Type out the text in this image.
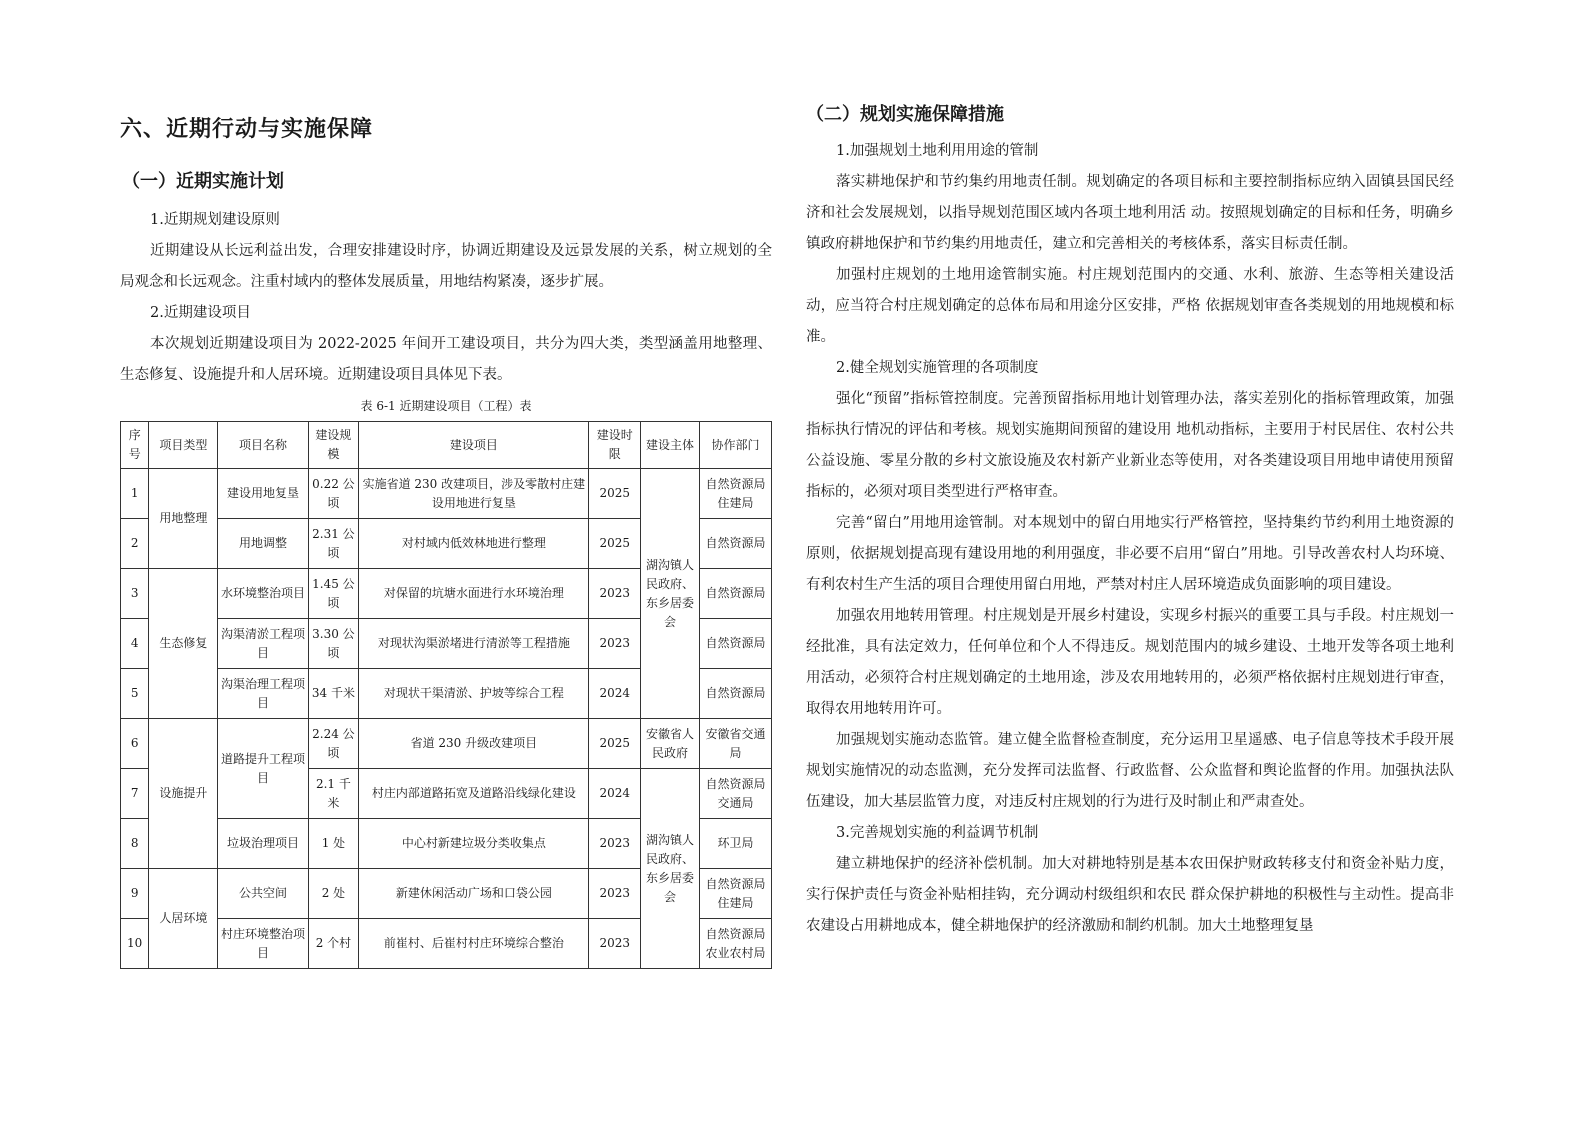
六、近期行动与实施保障
（一）近期实施计划

1.近期规划建设原则

近期建设从长远利益出发，合理安排建设时序，协调近期建设及远景发展的关系，树立规划的全局观念和长远观念。注重村域内的整体发展质量，用地结构紧凑，逐步扩展。

2.近期建设项目

本次规划近期建设项目为 2022-2025 年间开工建设项目，共分为四大类，类型涵盖用地整理、生态修复、设施提升和人居环境。近期建设项目具体见下表。

表 6-1 近期建设项目（工程）表
序号	项目类型	项目名称	建设规模	建设项目	建设时限	建设主体	协作部门
1	用地整理	建设用地复垦	0.22 公顷	实施省道 230 改建项目，涉及零散村庄建设用地进行复垦	2025	湖沟镇人民政府、东乡居委会	自然资源局住建局
2		用地调整	2.31 公顷	对村域内低效林地进行整理	2025		自然资源局
3	生态修复	水环境整治项目	1.45 公顷	对保留的坑塘水面进行水环境治理	2023		自然资源局
4		沟渠清淤工程项目	3.30 公顷	对现状沟渠淤堵进行清淤等工程措施	2023		自然资源局
5		沟渠治理工程项目	34 千米	对现状干渠清淤、护坡等综合工程	2024		自然资源局
6	设施提升	道路提升工程项目	2.24 公顷	省道 230 升级改建项目	2025	安徽省人民政府	安徽省交通局
7			2.1 千米	村庄内部道路拓宽及道路沿线绿化建设	2024	湖沟镇人民政府、东乡居委会	自然资源局交通局
8		垃圾治理项目	1 处	中心村新建垃圾分类收集点	2023		环卫局
9	人居环境	公共空间	2 处	新建休闲活动广场和口袋公园	2023		自然资源局住建局
10		村庄环境整治项目	2 个村	前崔村、后崔村村庄环境综合整治	2023		自然资源局农业农村局
（二）规划实施保障措施

1.加强规划土地利用用途的管制

落实耕地保护和节约集约用地责任制。规划确定的各项目标和主要控制指标应纳入固镇县国民经济和社会发展规划，以指导规划范围区域内各项土地利用活 动。按照规划确定的目标和任务，明确乡镇政府耕地保护和节约集约用地责任，建立和完善相关的考核体系，落实目标责任制。

加强村庄规划的土地用途管制实施。村庄规划范围内的交通、水利、旅游、生态等相关建设活动，应当符合村庄规划确定的总体布局和用途分区安排，严格 依据规划审查各类规划的用地规模和标准。

2.健全规划实施管理的各项制度

强化“预留”指标管控制度。完善预留指标用地计划管理办法，落实差别化的指标管理政策，加强指标执行情况的评估和考核。规划实施期间预留的建设用 地机动指标，主要用于村民居住、农村公共公益设施、零星分散的乡村文旅设施及农村新产业新业态等使用，对各类建设项目用地申请使用预留指标的，必须对项目类型进行严格审查。

完善“留白”用地用途管制。对本规划中的留白用地实行严格管控，坚持集约节约利用土地资源的原则，依据规划提高现有建设用地的利用强度，非必要不启用“留白”用地。引导改善农村人均环境、有利农村生产生活的项目合理使用留白用地，严禁对村庄人居环境造成负面影响的项目建设。

加强农用地转用管理。村庄规划是开展乡村建设，实现乡村振兴的重要工具与手段。村庄规划一经批准，具有法定效力，任何单位和个人不得违反。规划范围内的城乡建设、土地开发等各项土地利用活动，必须符合村庄规划确定的土地用途，涉及农用地转用的，必须严格依据村庄规划进行审查，取得农用地转用许可。

加强规划实施动态监管。建立健全监督检查制度，充分运用卫星遥感、电子信息等技术手段开展规划实施情况的动态监测，充分发挥司法监督、行政监督、公众监督和舆论监督的作用。加强执法队伍建设，加大基层监管力度，对违反村庄规划的行为进行及时制止和严肃查处。

3.完善规划实施的利益调节机制

建立耕地保护的经济补偿机制。加大对耕地特别是基本农田保护财政转移支付和资金补贴力度，实行保护责任与资金补贴相挂钩，充分调动村级组织和农民 群众保护耕地的积极性与主动性。提高非农建设占用耕地成本，健全耕地保护的经济激励和制约机制。加大土地整理复垦
